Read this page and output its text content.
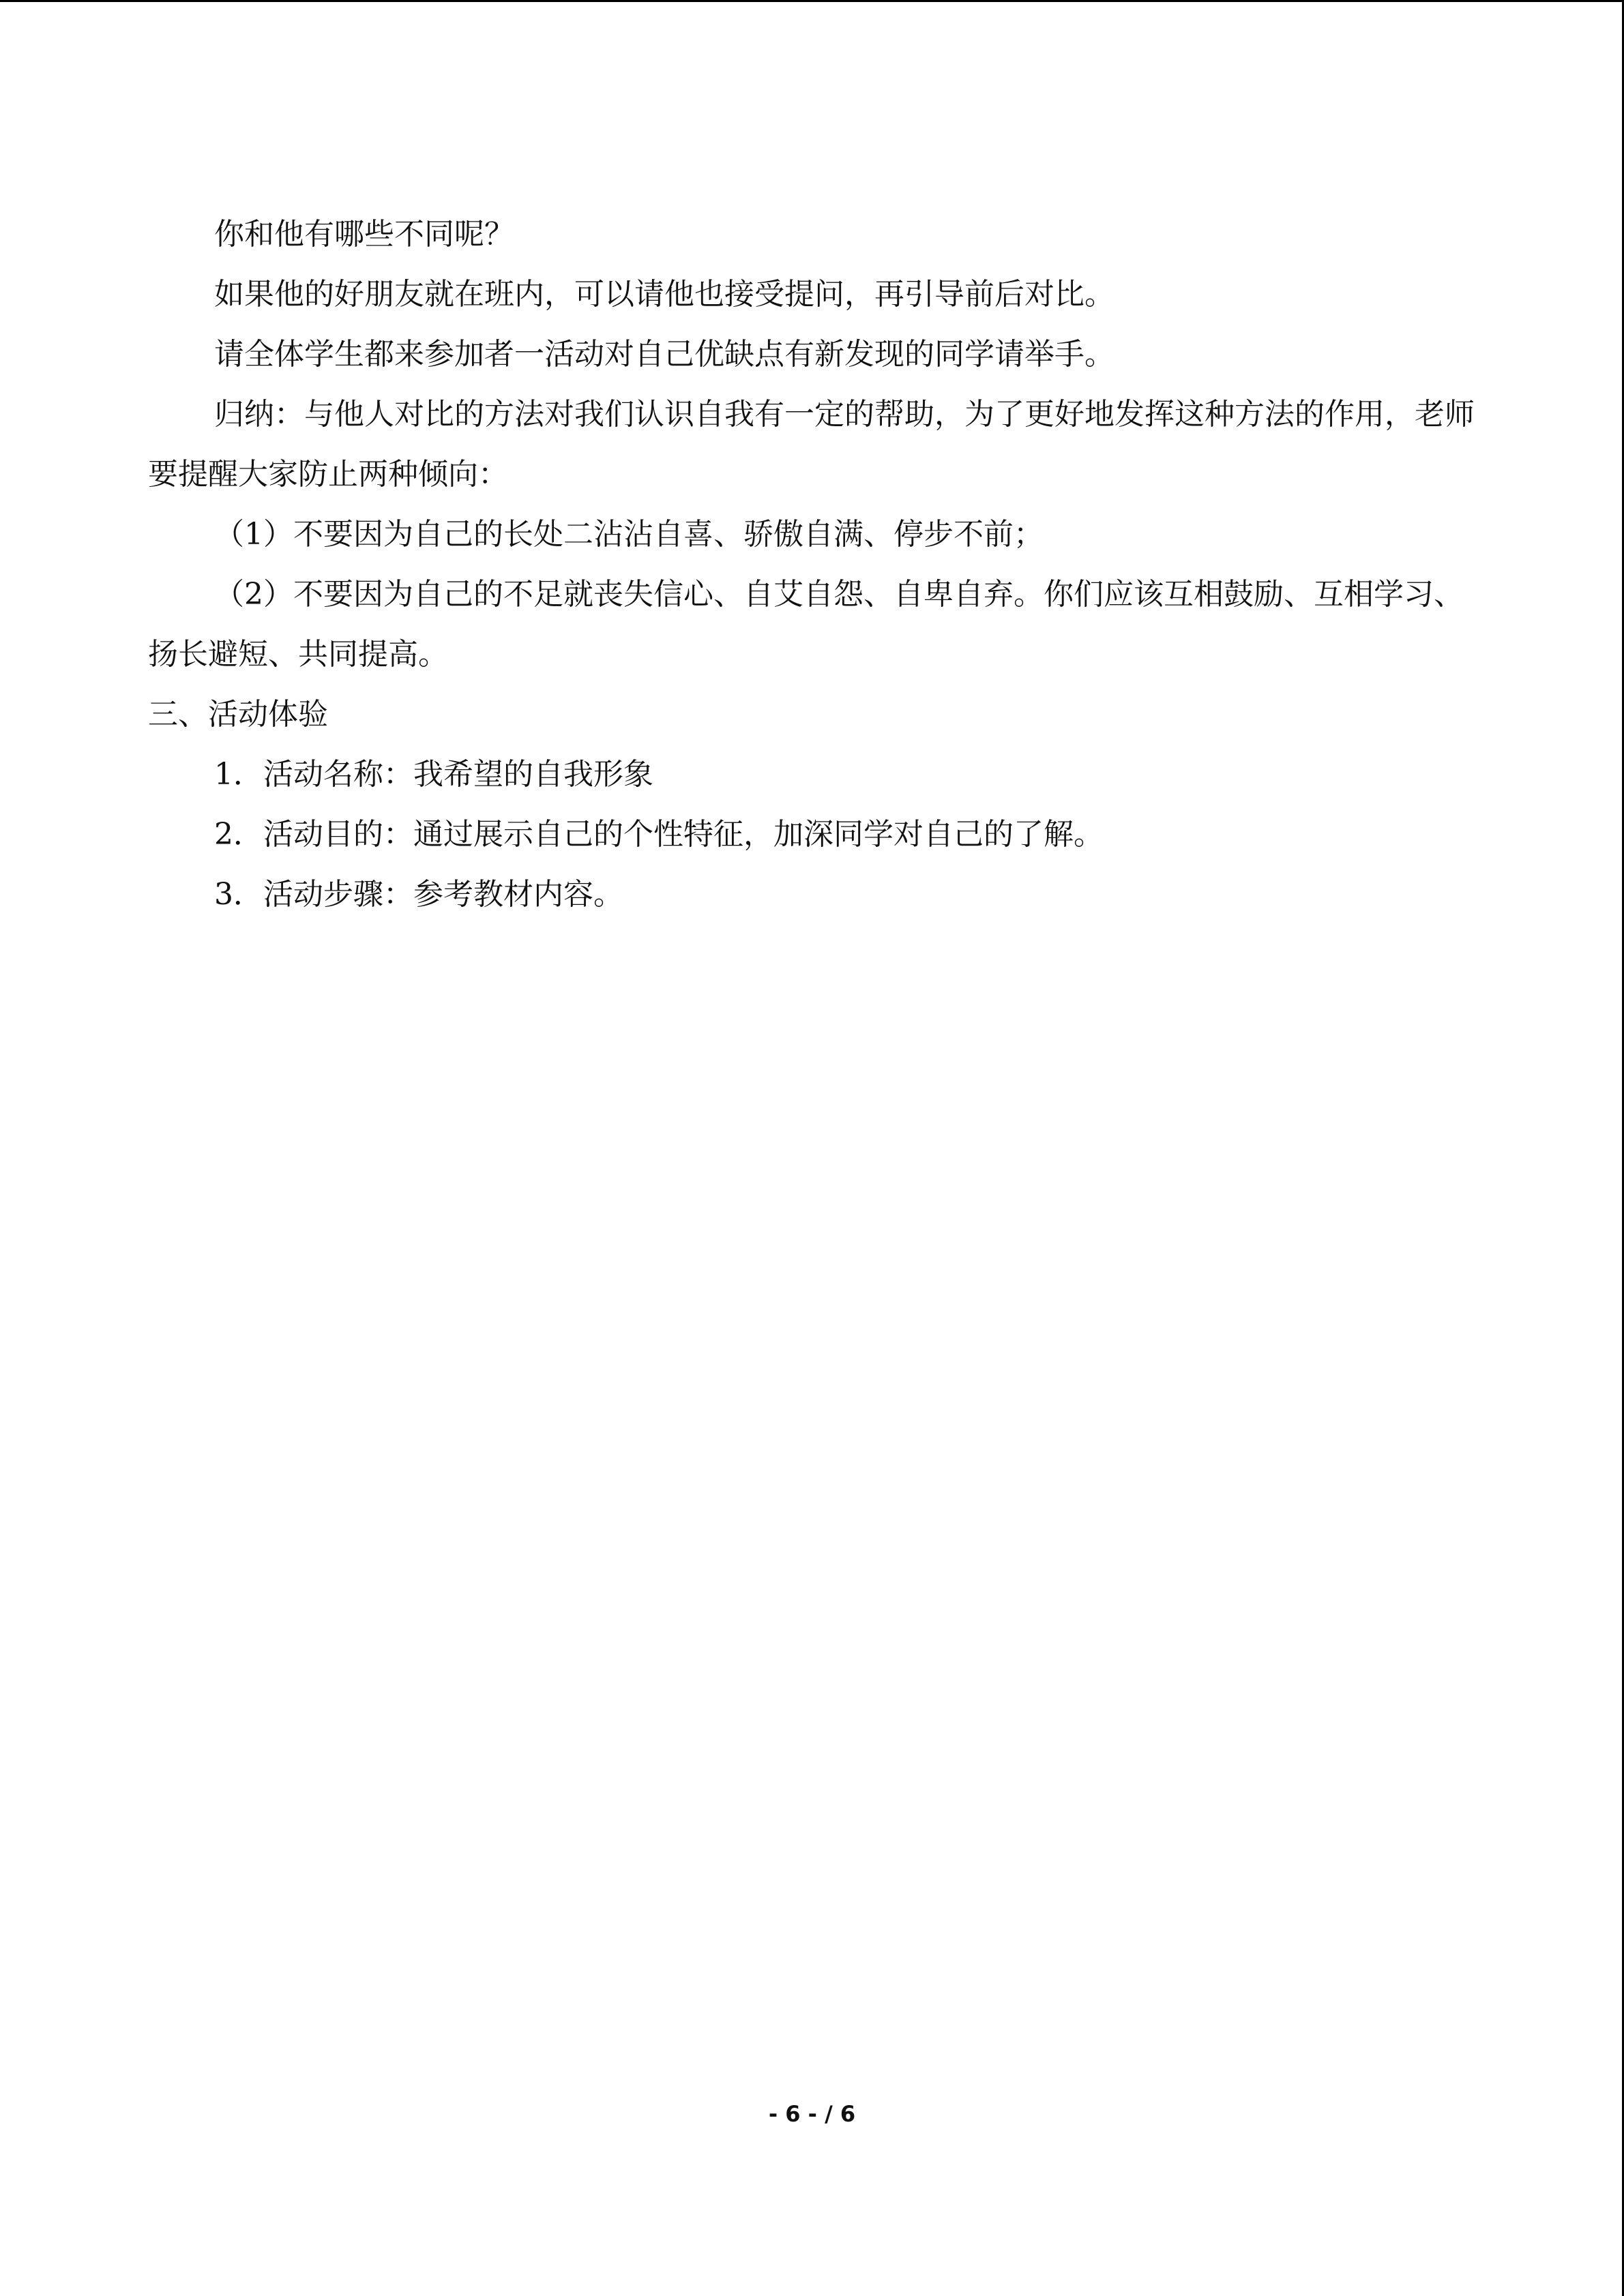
你和他有哪些不同呢？

如果他的好朋友就在班内，可以请他也接受提问，再引导前后对比。

请全体学生都来参加者一活动对自己优缺点有新发现的同学请举手。

归纳：与他人对比的方法对我们认识自我有一定的帮助，为了更好地发挥这种方法的作用，老师要提醒大家防止两种倾向：

（1）不要因为自己的长处二沾沾自喜、骄傲自满、停步不前；

（2）不要因为自己的不足就丧失信心、自艾自怨、自卑自弃。你们应该互相鼓励、互相学习、扬长避短、共同提高。

三、活动体验

1．活动名称：我希望的自我形象

2．活动目的：通过展示自己的个性特征，加深同学对自己的了解。

3．活动步骤：参考教材内容。

- 6 - / 6
